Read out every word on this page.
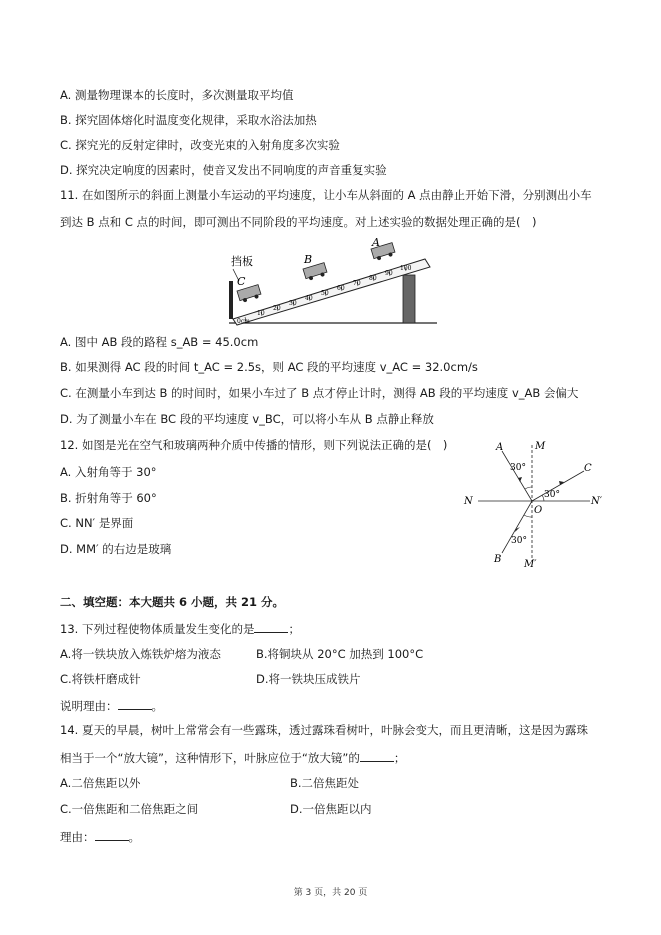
A. 测量物理课本的长度时，多次测量取平均值
B. 探究固体熔化时温度变化规律，采取水浴法加热
C. 探究光的反射定律时，改变光束的入射角度多次实验
D. 探究决定响度的因素时，使音叉发出不同响度的声音重复实验
11. 在如图所示的斜面上测量小车运动的平均速度，让小车从斜面的 A 点由静止开始下滑，分别测出小车
到达 B 点和 C 点的时间，即可测出不同阶段的平均速度。对上述实验的数据处理正确的是(　)
挡板
0cm
10
20
30
40
50
60
70
80
90
100
C
B
A
A. 图中 AB 段的路程 s_AB = 45.0cm
B. 如果测得 AC 段的时间 t_AC = 2.5s，则 AC 段的平均速度 v_AC = 32.0cm/s
C. 在测量小车到达 B 的时间时，如果小车过了 B 点才停止计时，测得 AB 段的平均速度 v_AB 会偏大
D. 为了测量小车在 BC 段的平均速度 v_BC，可以将小车从 B 点静止释放
12. 如图是光在空气和玻璃两种介质中传播的情形，则下列说法正确的是(　)
A. 入射角等于 30°
B. 折射角等于 60°
C. NN′ 是界面
D. MM′ 的右边是玻璃
A	M
C
N	N′
O
B M′
30°
30°
30°
二、填空题：本大题共 6 小题，共 21 分。
13. 下列过程使物体质量发生变化的是	；
A.将一铁块放入炼铁炉熔为液态	B.将铜块从 20°C 加热到 100°C
C.将铁杆磨成针	D.将一铁块压成铁片
说明理由：	。
14. 夏天的早晨，树叶上常常会有一些露珠，透过露珠看树叶，叶脉会变大，而且更清晰，这是因为露珠
相当于一个“放大镜”，这种情形下，叶脉应位于“放大镜”的	；
A.二倍焦距以外	B.二倍焦距处
C.一倍焦距和二倍焦距之间	D.一倍焦距以内
理由：	。
第 3 页，共 20 页
